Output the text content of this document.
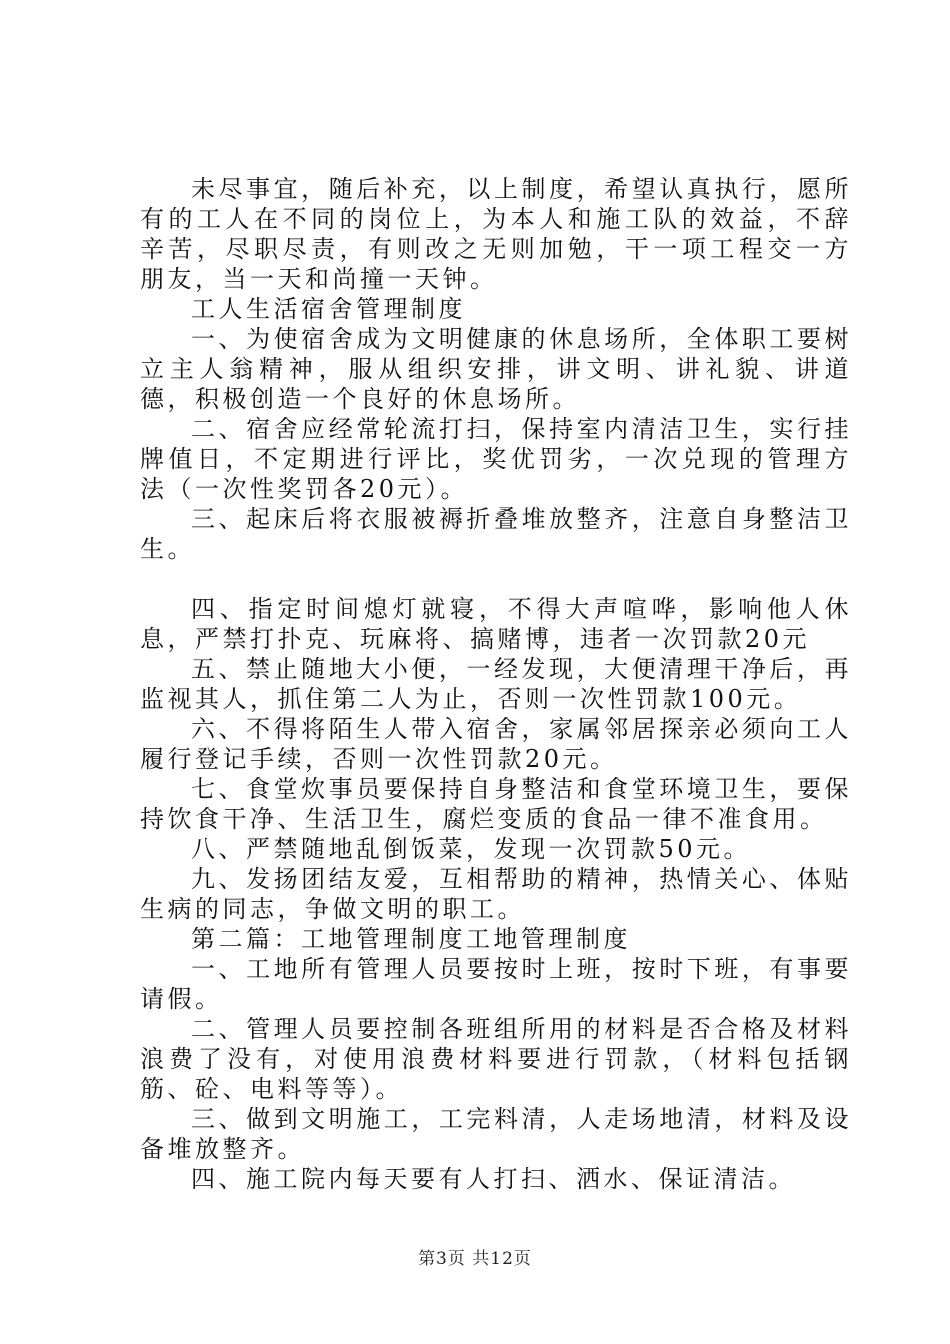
未尽事宜，随后补充，以上制度，希望认真执行，愿所有的工人在不同的岗位上，为本人和施工队的效益，不辞辛苦，尽职尽责，有则改之无则加勉，干一项工程交一方朋友，当一天和尚撞一天钟。

工人生活宿舍管理制度

一、为使宿舍成为文明健康的休息场所，全体职工要树立主人翁精神，服从组织安排，讲文明、讲礼貌、讲道德，积极创造一个良好的休息场所。

二、宿舍应经常轮流打扫，保持室内清洁卫生，实行挂牌值日，不定期进行评比，奖优罚劣，一次兑现的管理方法（一次性奖罚各20元）。

三、起床后将衣服被褥折叠堆放整齐，注意自身整洁卫生。

四、指定时间熄灯就寝，不得大声喧哗，影响他人休息，严禁打扑克、玩麻将、搞赌博，违者一次罚款20元

五、禁止随地大小便，一经发现，大便清理干净后，再监视其人，抓住第二人为止，否则一次性罚款100元。

六、不得将陌生人带入宿舍，家属邻居探亲必须向工人履行登记手续，否则一次性罚款20元。

七、食堂炊事员要保持自身整洁和食堂环境卫生，要保持饮食干净、生活卫生，腐烂变质的食品一律不准食用。

八、严禁随地乱倒饭菜，发现一次罚款50元。

九、发扬团结友爱，互相帮助的精神，热情关心、体贴生病的同志，争做文明的职工。

第二篇：工地管理制度工地管理制度

一、工地所有管理人员要按时上班，按时下班，有事要请假。

二、管理人员要控制各班组所用的材料是否合格及材料浪费了没有，对使用浪费材料要进行罚款，（材料包括钢筋、砼、电料等等）。

三、做到文明施工，工完料清，人走场地清，材料及设备堆放整齐。

四、施工院内每天要有人打扫、洒水、保证清洁。

第3页 共12页
